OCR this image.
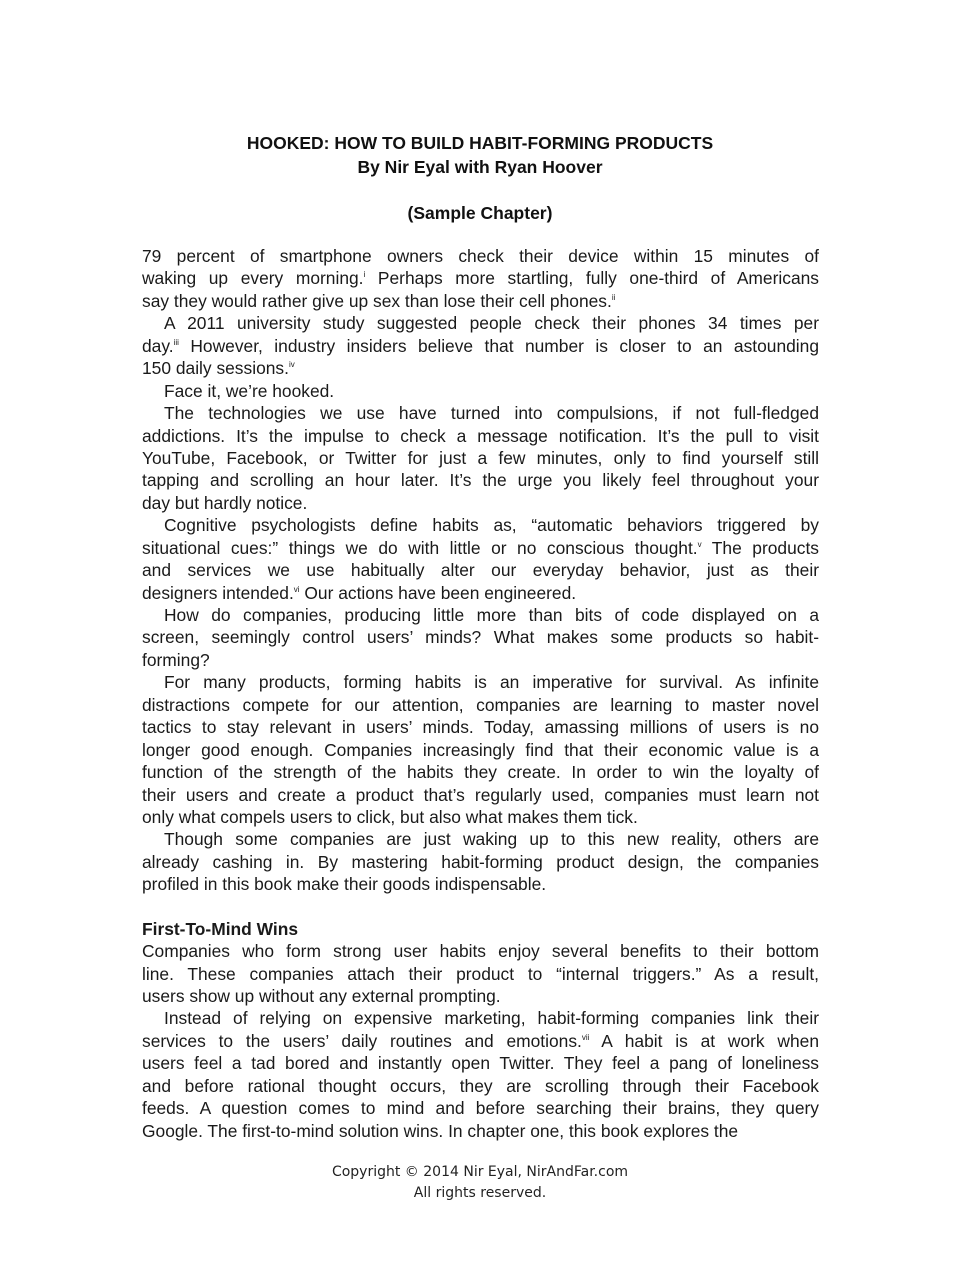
HOOKED: HOW TO BUILD HABIT-FORMING PRODUCTS
By Nir Eyal with Ryan Hoover
(Sample Chapter)
79 percent of smartphone owners check their device within 15 minutes of
waking up every morning.$^i$ Perhaps more startling, fully one-third of Americans
say they would rather give up sex than lose their cell phones.$^{ii}$
A 2011 university study suggested people check their phones 34 times per
day.$^{iii}$ However, industry insiders believe that number is closer to an astounding
150 daily sessions.$^{iv}$
Face it, we’re hooked.
The technologies we use have turned into compulsions, if not full-fledged
addictions. It’s the impulse to check a message notification. It’s the pull to visit
YouTube, Facebook, or Twitter for just a few minutes, only to find yourself still
tapping and scrolling an hour later. It’s the urge you likely feel throughout your
day but hardly notice.
Cognitive psychologists define habits as, “automatic behaviors triggered by
situational cues:” things we do with little or no conscious thought.$^v$ The products
and services we use habitually alter our everyday behavior, just as their
designers intended.$^{vi}$ Our actions have been engineered.
How do companies, producing little more than bits of code displayed on a
screen, seemingly control users’ minds? What makes some products so habit-
forming?
For many products, forming habits is an imperative for survival. As infinite
distractions compete for our attention, companies are learning to master novel
tactics to stay relevant in users’ minds. Today, amassing millions of users is no
longer good enough. Companies increasingly find that their economic value is a
function of the strength of the habits they create. In order to win the loyalty of
their users and create a product that’s regularly used, companies must learn not
only what compels users to click, but also what makes them tick.
Though some companies are just waking up to this new reality, others are
already cashing in. By mastering habit-forming product design, the companies
profiled in this book make their goods indispensable.
First-To-Mind Wins
Companies who form strong user habits enjoy several benefits to their bottom
line. These companies attach their product to “internal triggers.” As a result,
users show up without any external prompting.
Instead of relying on expensive marketing, habit-forming companies link their
services to the users’ daily routines and emotions.$^{vii}$ A habit is at work when
users feel a tad bored and instantly open Twitter. They feel a pang of loneliness
and before rational thought occurs, they are scrolling through their Facebook
feeds. A question comes to mind and before searching their brains, they query
Google. The first-to-mind solution wins. In chapter one, this book explores the
Copyright © 2014 Nir Eyal, NirAndFar.com
All rights reserved.
